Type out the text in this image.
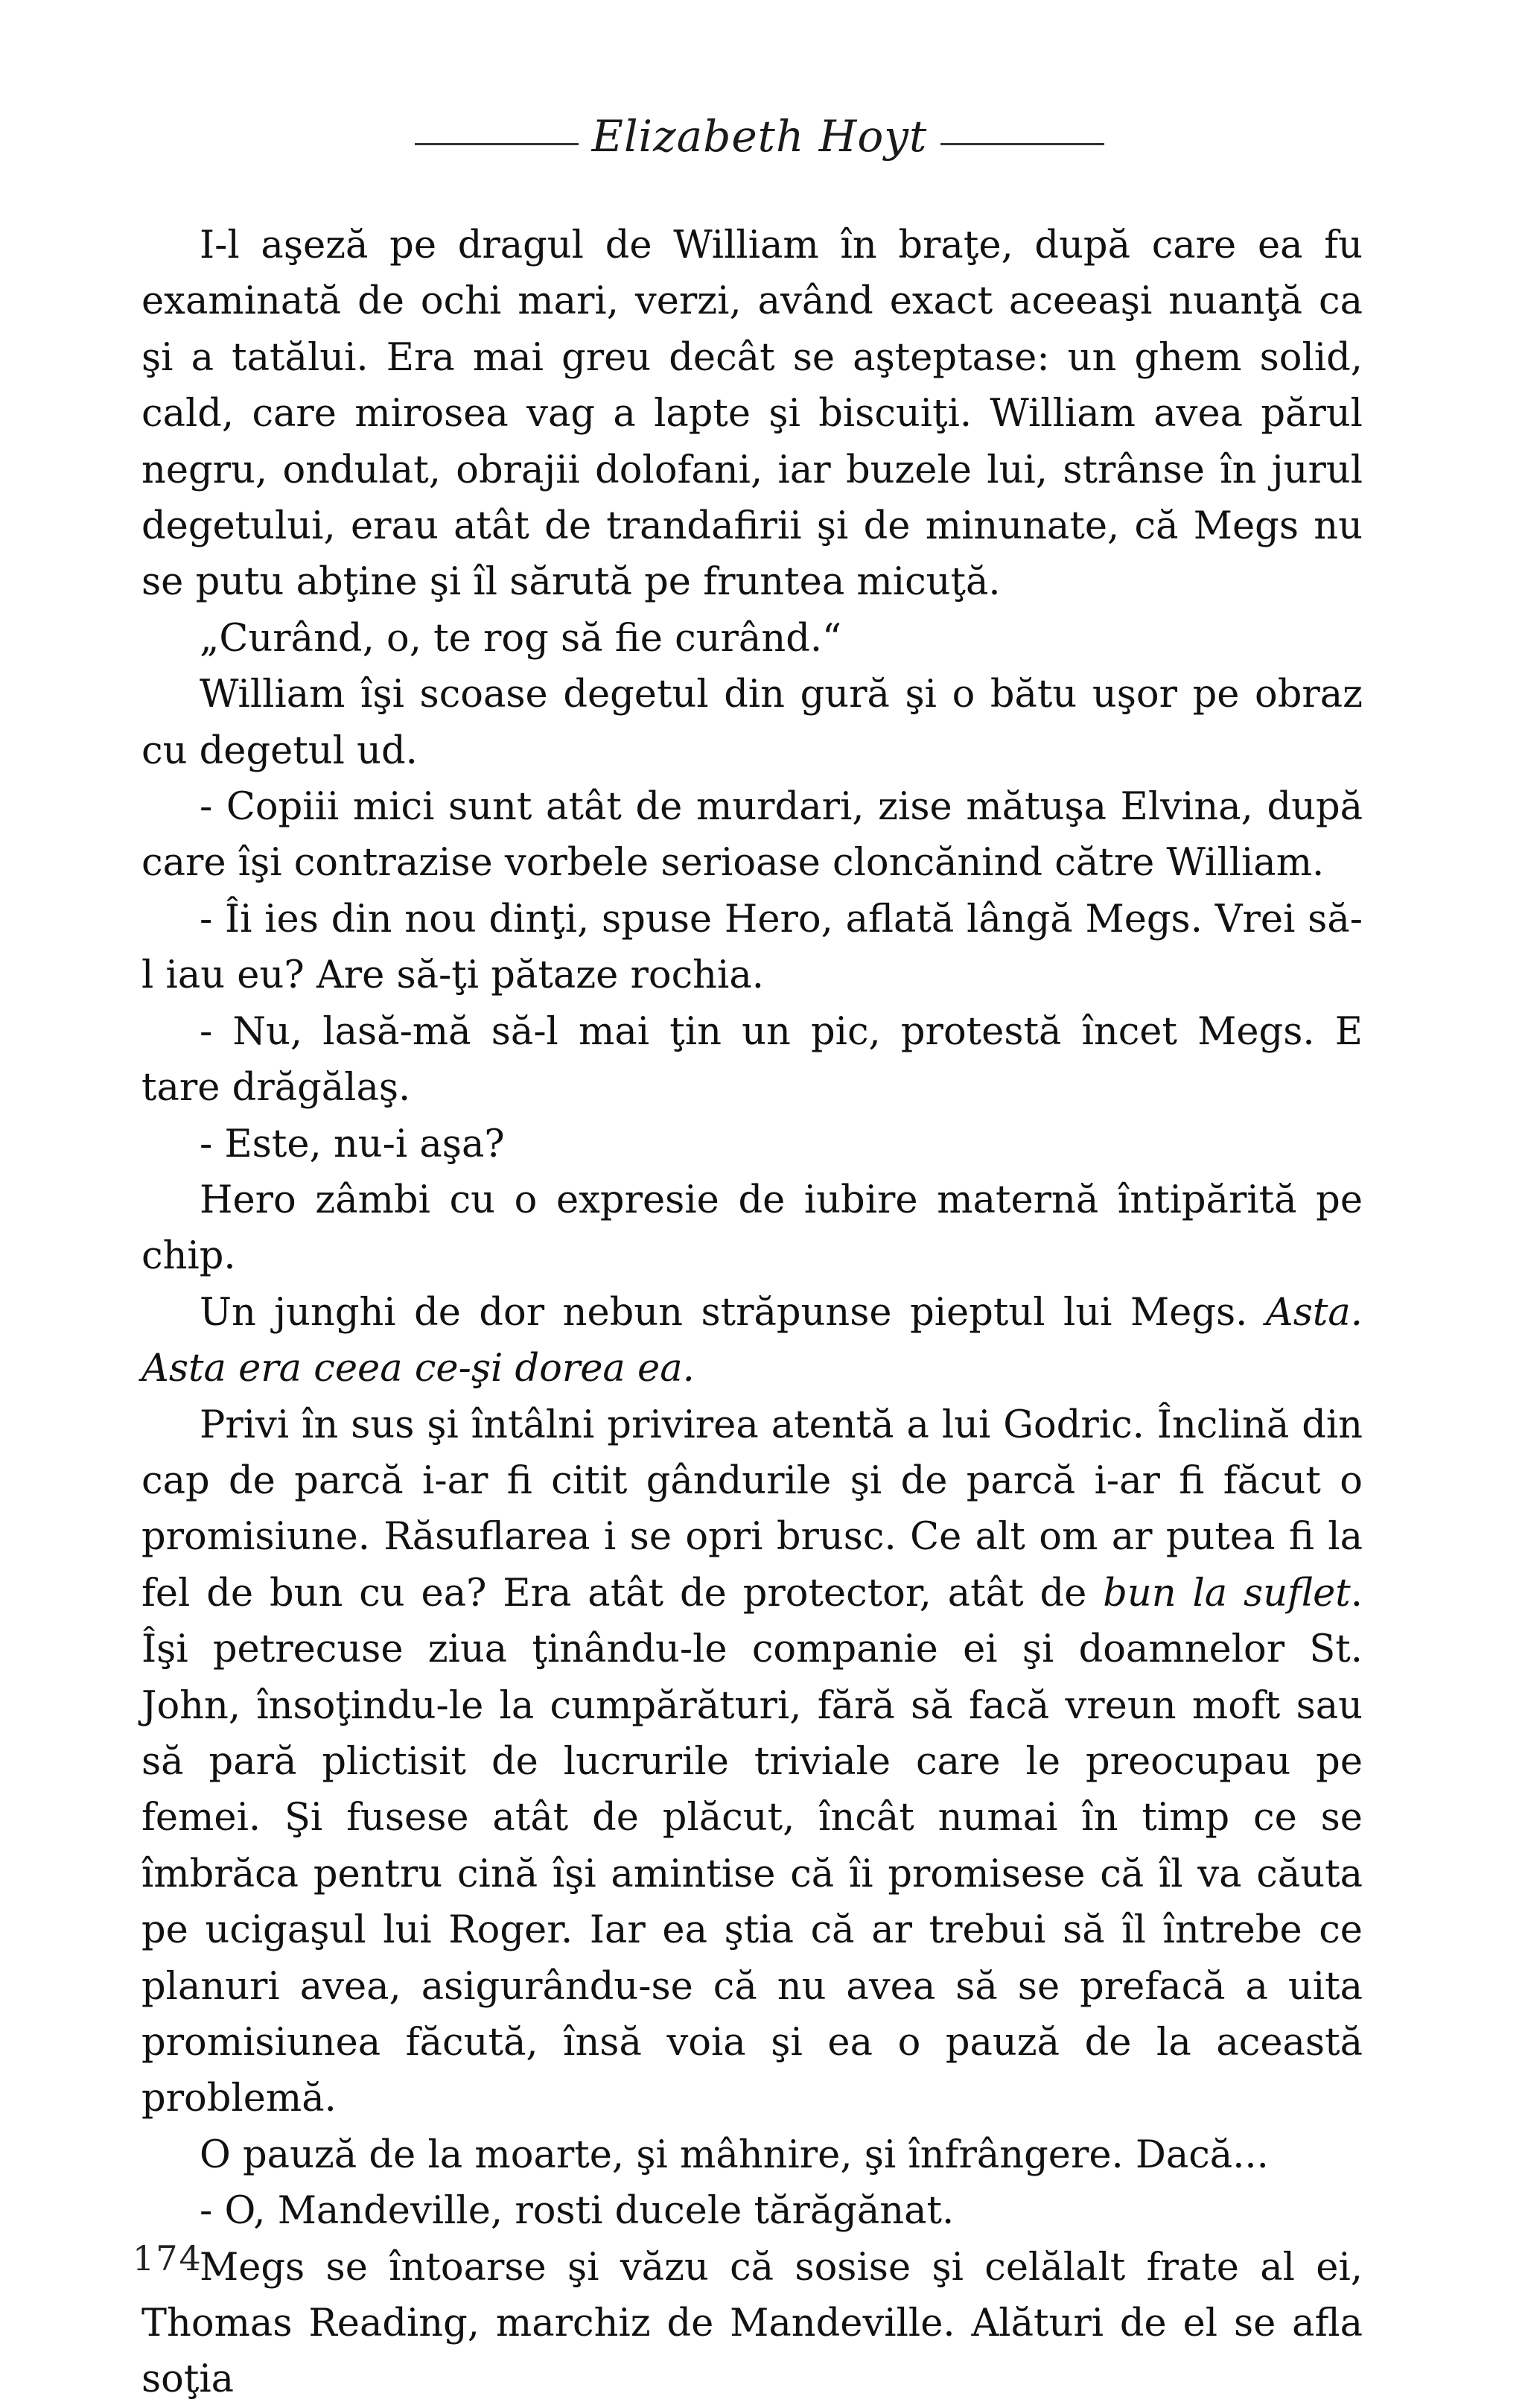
Elizabeth Hoyt

I-l aşeză pe dragul de William în braţe, după care ea fu examinată de ochi mari, verzi, având exact aceeaşi nuanţă ca şi a tatălui. Era mai greu decât se aşteptase: un ghem solid, cald, care mirosea vag a lapte şi biscuiţi. William avea părul negru, ondulat, obrajii dolofani, iar buzele lui, strânse în jurul degetului, erau atât de trandafirii şi de minunate, că Megs nu se putu abţine şi îl sărută pe fruntea micuţă.

„Curând, o, te rog să fie curând.“

William îşi scoase degetul din gură şi o bătu uşor pe obraz cu degetul ud.

- Copiii mici sunt atât de murdari, zise mătuşa Elvina, după care îşi contrazise vorbele serioase cloncănind către William.

- Îi ies din nou dinţi, spuse Hero, aflată lângă Megs. Vrei să-l iau eu? Are să-ţi pătaze rochia.

- Nu, lasă-mă să-l mai ţin un pic, protestă încet Megs. E tare drăgălaş.

- Este, nu-i aşa?

Hero zâmbi cu o expresie de iubire maternă întipărită pe chip.

Un junghi de dor nebun străpunse pieptul lui Megs. Asta. Asta era ceea ce-şi dorea ea.

Privi în sus şi întâlni privirea atentă a lui Godric. Înclină din cap de parcă i-ar fi citit gândurile şi de parcă i-ar fi făcut o promisiune. Răsuflarea i se opri brusc. Ce alt om ar putea fi la fel de bun cu ea? Era atât de protector, atât de bun la suflet. Îşi petrecuse ziua ţinându-le companie ei şi doamnelor St. John, însoţindu-le la cumpărături, fără să facă vreun moft sau să pară plictisit de lucrurile triviale care le preocupau pe femei. Şi fusese atât de plăcut, încât numai în timp ce se îmbrăca pentru cină îşi amintise că îi promisese că îl va căuta pe ucigaşul lui Roger. Iar ea ştia că ar trebui să îl întrebe ce planuri avea, asigurându-se că nu avea să se prefacă a uita promisiunea făcută, însă voia şi ea o pauză de la această problemă.

O pauză de la moarte, şi mâhnire, şi înfrângere. Dacă...

- O, Mandeville, rosti ducele tărăgănat.

Megs se întoarse şi văzu că sosise şi celălalt frate al ei, Thomas Reading, marchiz de Mandeville. Alături de el se afla soţia

174
